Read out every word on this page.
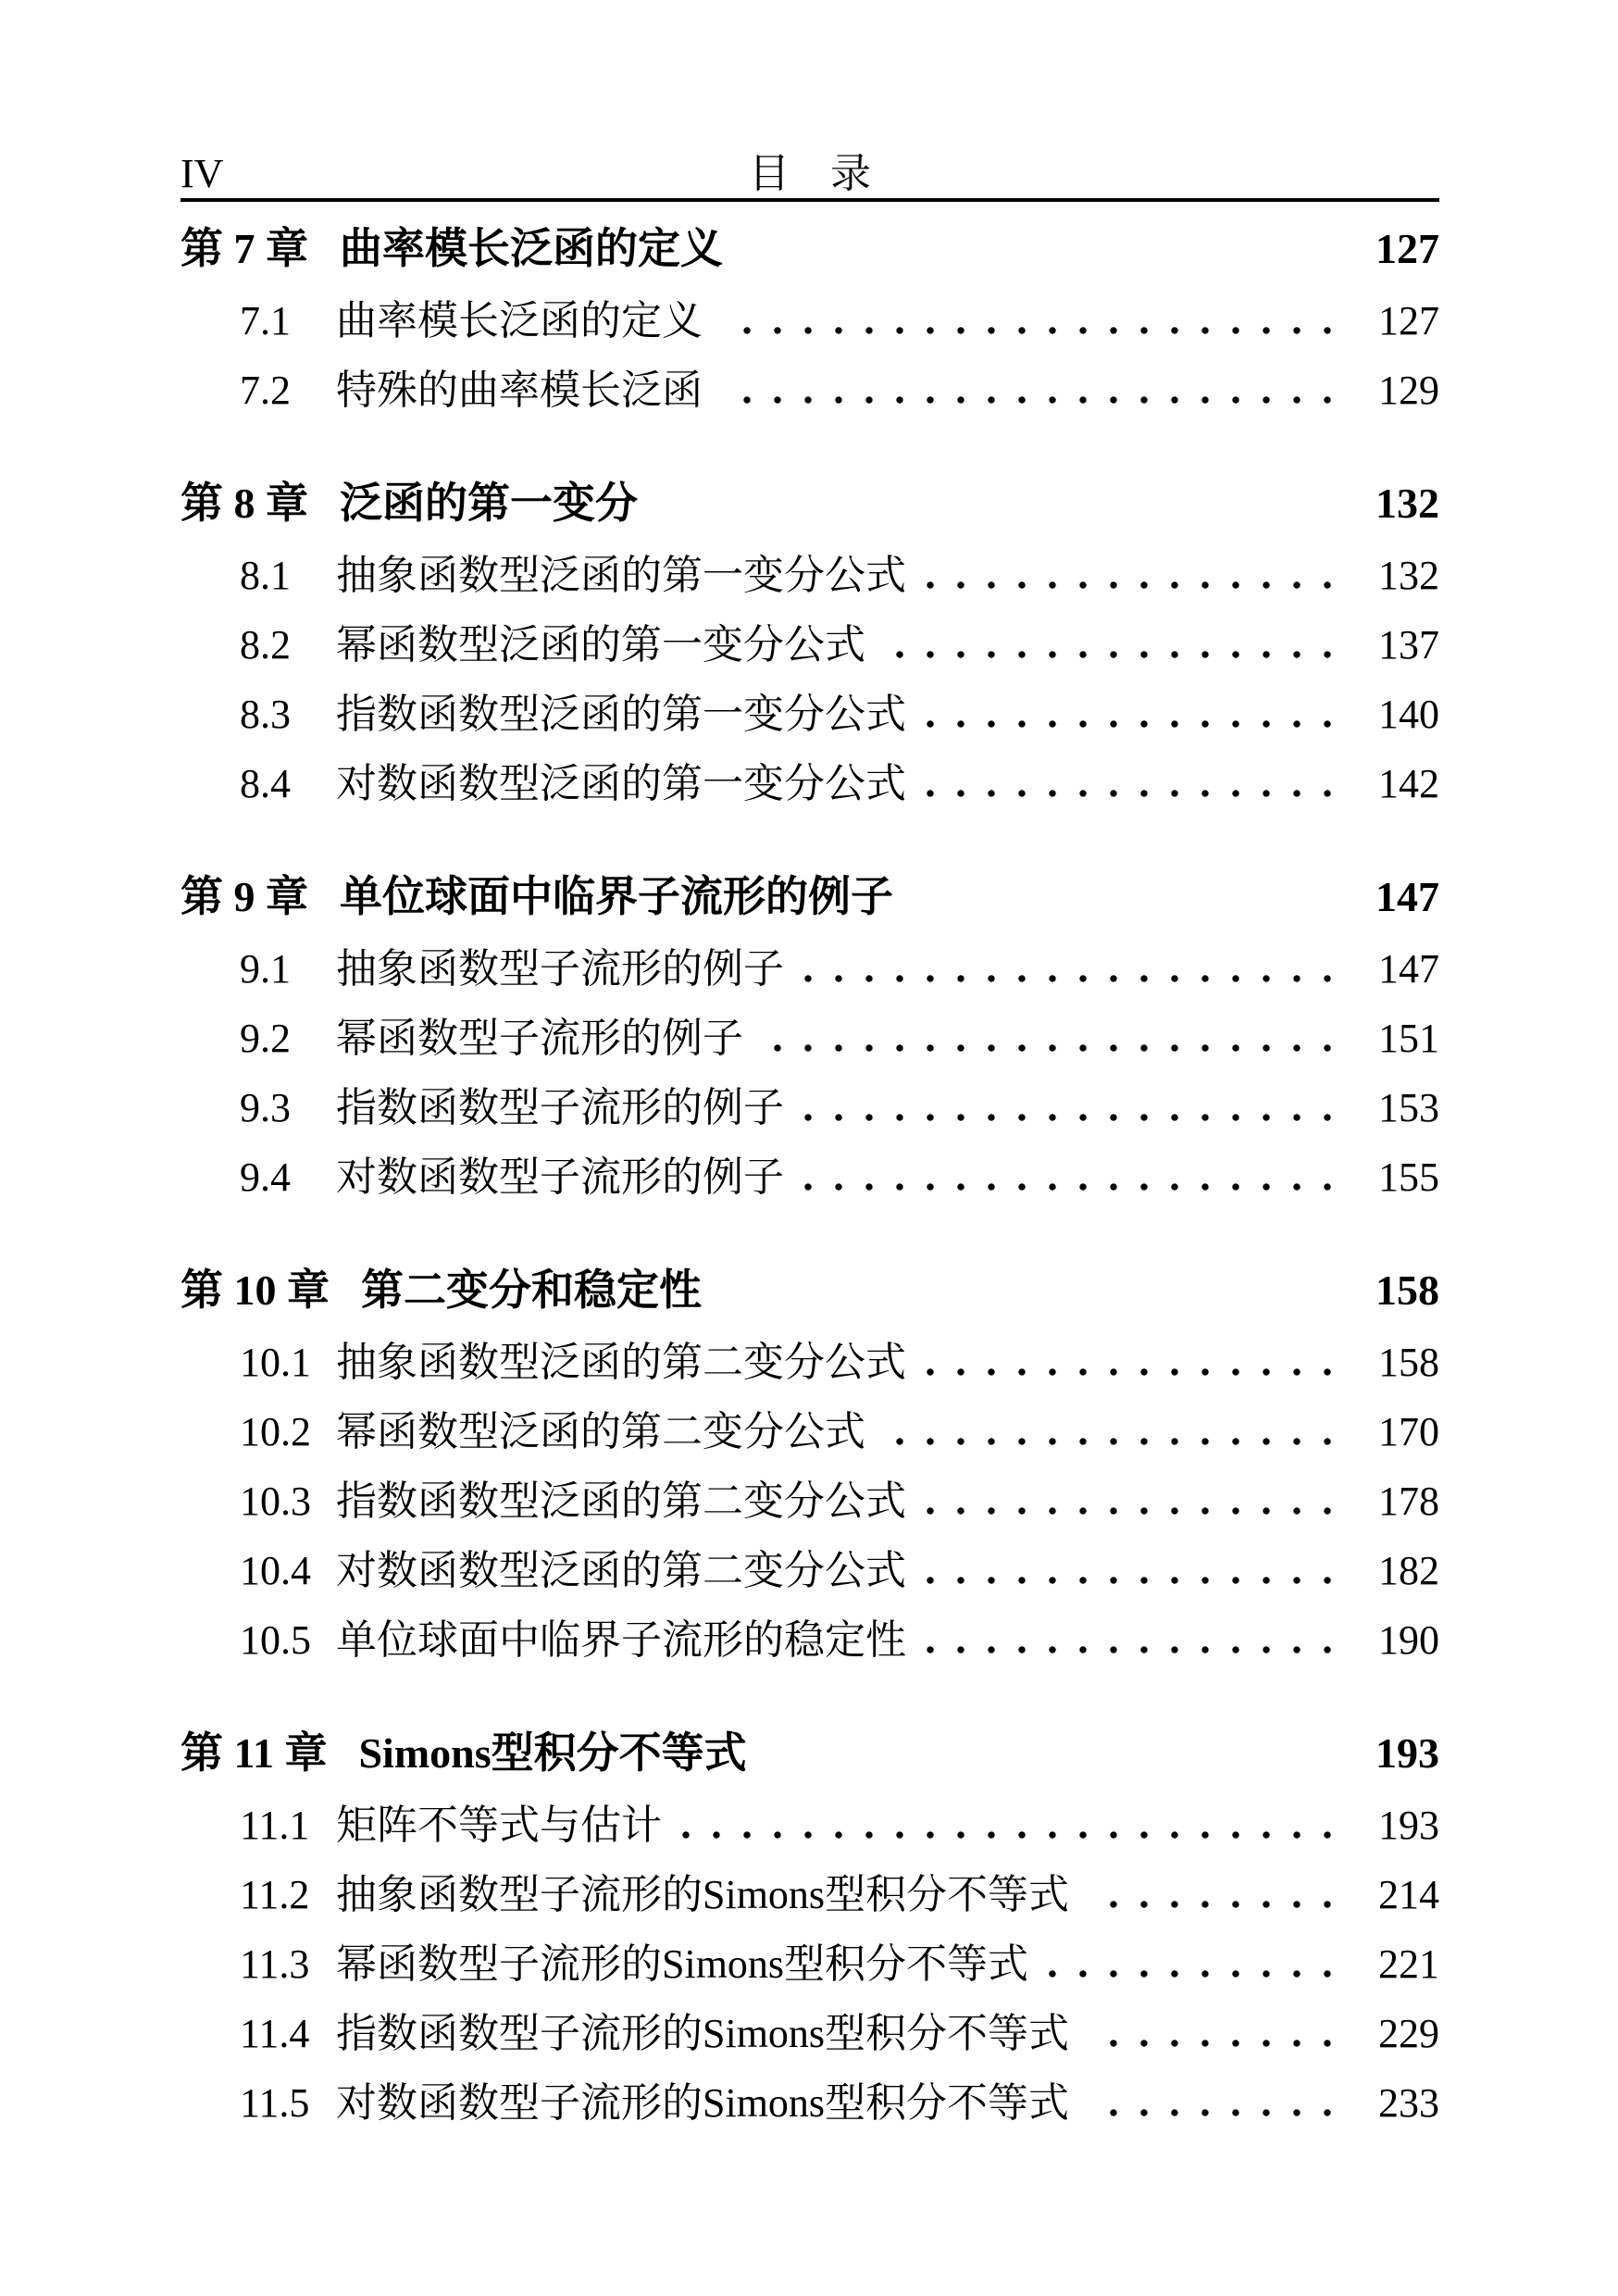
IV	目　录
第 7 章 曲率模长泛函的定义	127
7.1	曲率模长泛函的定义	127
7.2	特殊的曲率模长泛函	129
第 8 章 泛函的第一变分	132
8.1	抽象函数型泛函的第一变分公式	132
8.2	幂函数型泛函的第一变分公式	137
8.3	指数函数型泛函的第一变分公式	140
8.4	对数函数型泛函的第一变分公式	142
第 9 章 单位球面中临界子流形的例子	147
9.1	抽象函数型子流形的例子	147
9.2	幂函数型子流形的例子	151
9.3	指数函数型子流形的例子	153
9.4	对数函数型子流形的例子	155
第 10 章 第二变分和稳定性	158
10.1 抽象函数型泛函的第二变分公式	158
10.2 幂函数型泛函的第二变分公式	170
10.3 指数函数型泛函的第二变分公式	178
10.4 对数函数型泛函的第二变分公式	182
10.5 单位球面中临界子流形的稳定性	190
第 11 章 Simons型积分不等式	193
11.1 矩阵不等式与估计	193
11.2 抽象函数型子流形的Simons型积分不等式	214
11.3 幂函数型子流形的Simons型积分不等式	221
11.4 指数函数型子流形的Simons型积分不等式	229
11.5 对数函数型子流形的Simons型积分不等式	233
